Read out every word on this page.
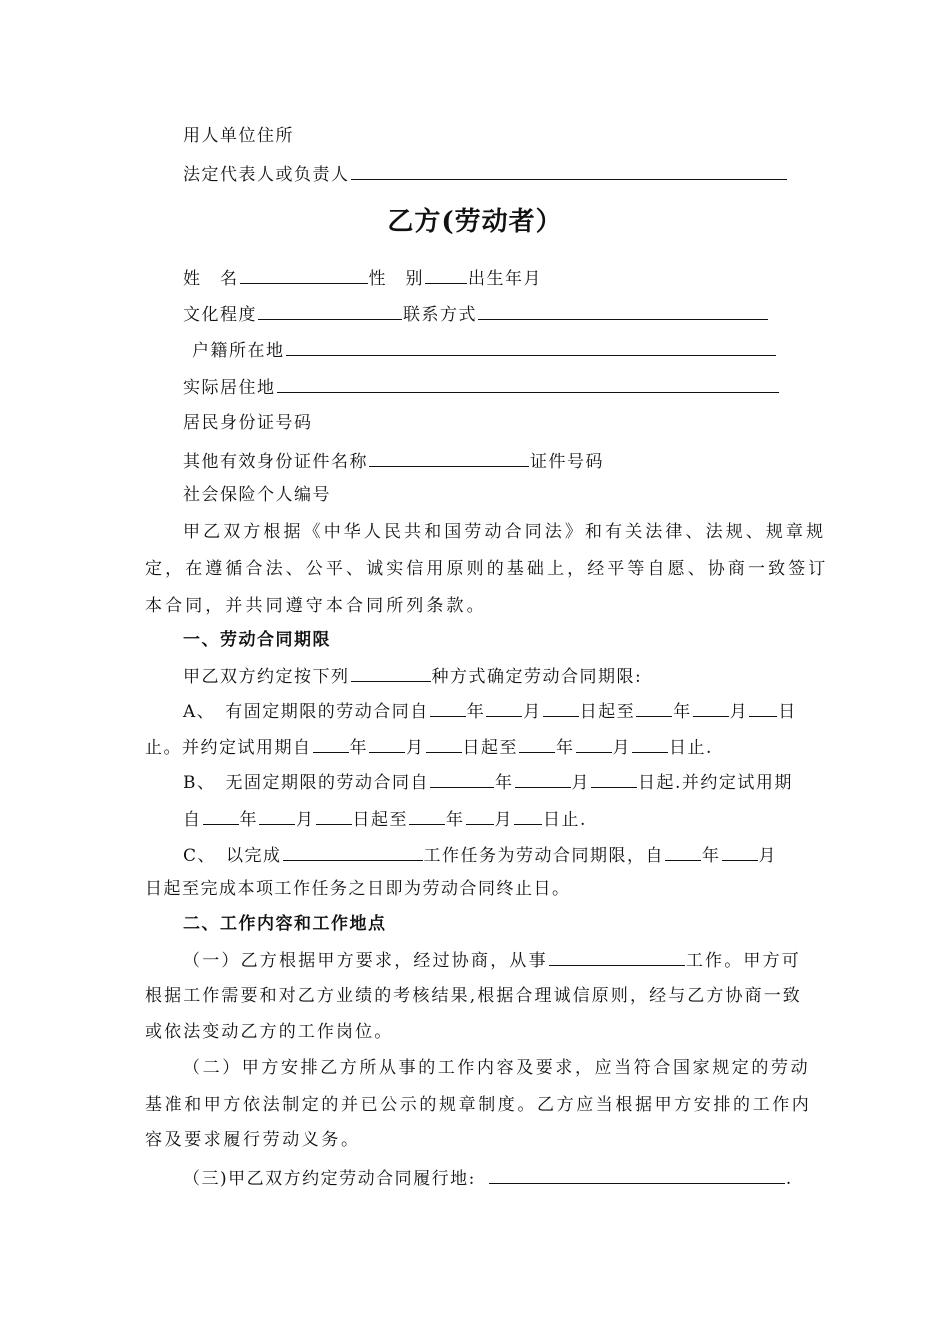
用人单位住所
法定代表人或负责人
乙方(劳动者）
姓　名	性　别	出生年月
文化程度	联系方式
户籍所在地
实际居住地
居民身份证号码
其他有效身份证件名称	证件号码
社会保险个人编号
甲乙双方根据《中华人民共和国劳动合同法》和有关法律、法规、规章规
定，在遵循合法、公平、诚实信用原则的基础上，经平等自愿、协商一致签订
本合同，并共同遵守本合同所列条款。
一、劳动合同期限
甲乙双方约定按下列	种方式确定劳动合同期限:
A、　有固定期限的劳动合同自 年 月 日起至 年 月 日
止。并约定试用期自 年 月 日起至 年 月 日止.
B、　无固定期限的劳动合同自	年	月	日起.并约定试用期
自 年 月 日起至 年 月 日止.
C、　以完成	工作任务为劳动合同期限，自 年 月
日起至完成本项工作任务之日即为劳动合同终止日。
二、工作内容和工作地点
（一）乙方根据甲方要求，经过协商，从事	工作。甲方可
根据工作需要和对乙方业绩的考核结果,根据合理诚信原则，经与乙方协商一致
或依法变动乙方的工作岗位。
（二）甲方安排乙方所从事的工作内容及要求，应当符合国家规定的劳动
基准和甲方依法制定的并已公示的规章制度。乙方应当根据甲方安排的工作内
容及要求履行劳动义务。
（三)甲乙双方约定劳动合同履行地:	.
